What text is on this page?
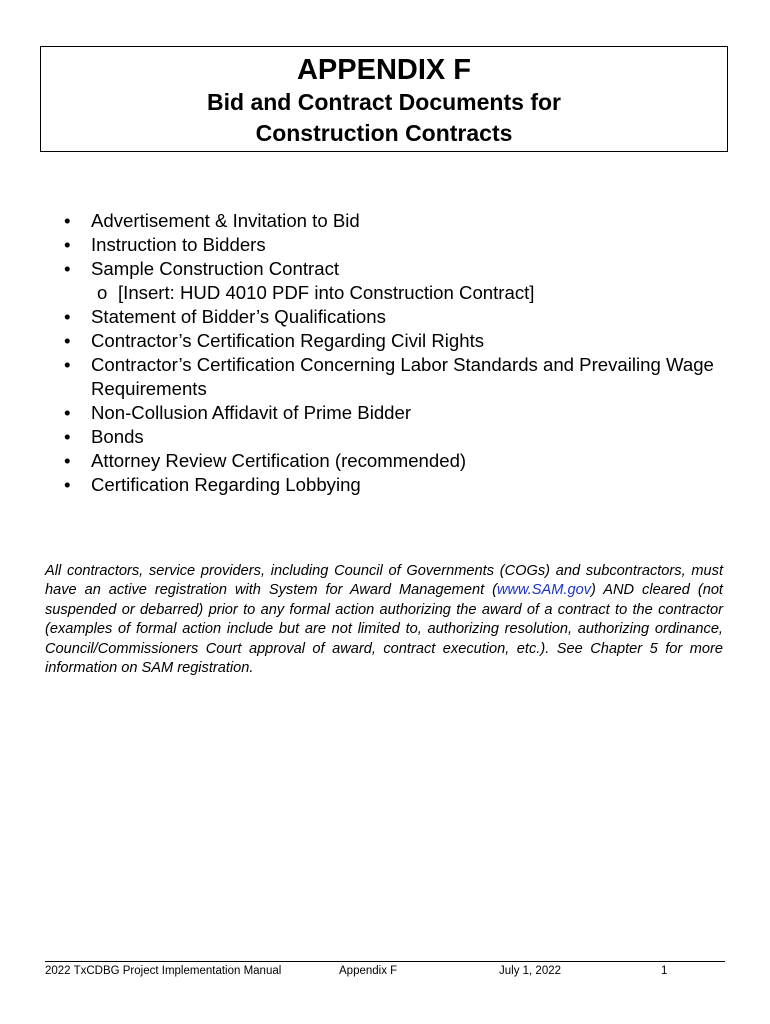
APPENDIX F
Bid and Contract Documents for
Construction Contracts
•	Advertisement & Invitation to Bid
•	Instruction to Bidders
•	Sample Construction Contract
o [Insert: HUD 4010 PDF into Construction Contract]
•	Statement of Bidder’s Qualifications
•	Contractor’s Certification Regarding Civil Rights
•	Contractor’s Certification Concerning Labor Standards and Prevailing Wage Requirements
•	Non-Collusion Affidavit of Prime Bidder
•	Bonds
•	Attorney Review Certification (recommended)
•	Certification Regarding Lobbying

All contractors, service providers, including Council of Governments (COGs) and subcontractors, must have an active registration with System for Award Management (www.SAM.gov) AND cleared (not suspended or debarred) prior to any formal action authorizing the award of a contract to the contractor (examples of formal action include but are not limited to, authorizing resolution, authorizing ordinance, Council/Commissioners Court approval of award, contract execution, etc.). See Chapter 5 for more information on SAM registration.

2022 TxCDBG Project Implementation Manual	Appendix F	July 1, 2022	1
